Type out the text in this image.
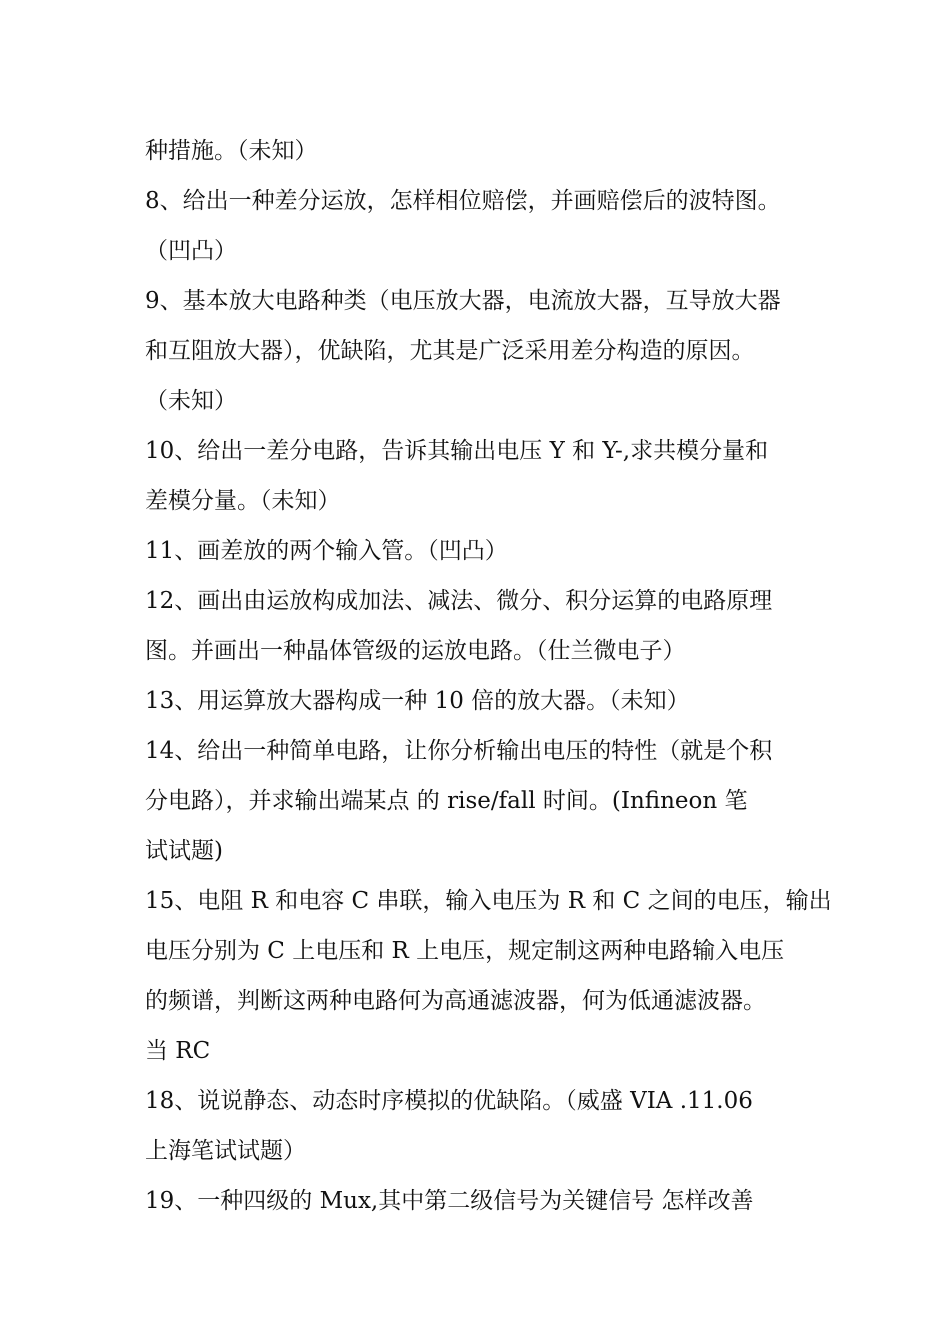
种措施。（未知）

8、给出一种差分运放，怎样相位赔偿，并画赔偿后的波特图。

（凹凸）

9、基本放大电路种类（电压放大器，电流放大器，互导放大器

和互阻放大器），优缺陷，尤其是广泛采用差分构造的原因。

（未知）

10、给出一差分电路，告诉其输出电压 Y 和 Y-,求共模分量和

差模分量。（未知）

11、画差放的两个输入管。（凹凸）

12、画出由运放构成加法、减法、微分、积分运算的电路原理

图。并画出一种晶体管级的运放电路。（仕兰微电子）

13、用运算放大器构成一种 10 倍的放大器。（未知）

14、给出一种简单电路，让你分析输出电压的特性（就是个积

分电路），并求输出端某点 的 rise/fall 时间。(Infineon 笔

试试题)

15、电阻 R 和电容 C 串联，输入电压为 R 和 C 之间的电压，输出

电压分别为 C 上电压和 R 上电压，规定制这两种电路输入电压

的频谱，判断这两种电路何为高通滤波器，何为低通滤波器。

当 RC

18、说说静态、动态时序模拟的优缺陷。（威盛 VIA .11.06

上海笔试试题）

19、一种四级的 Mux,其中第二级信号为关键信号 怎样改善
